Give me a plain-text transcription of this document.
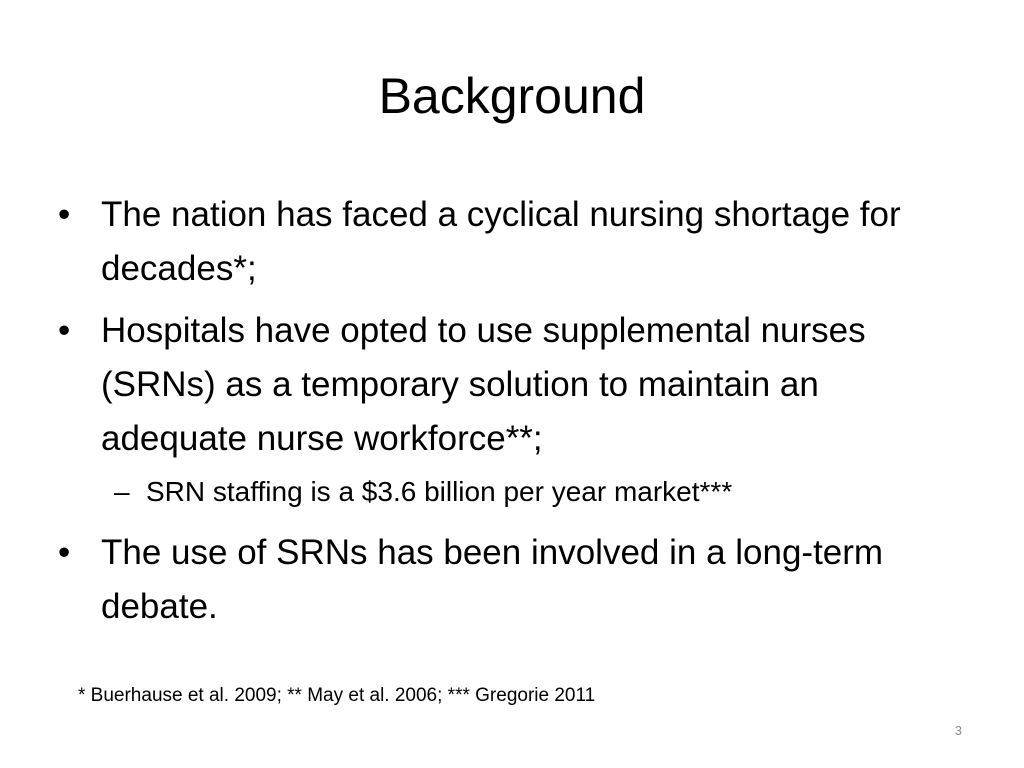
Background
• The nation has faced a cyclical nursing shortage for decades*;
• Hospitals have opted to use supplemental nurses (SRNs) as a temporary solution to maintain an adequate nurse workforce**;
– SRN staffing is a $3.6 billion per year market***
• The use of SRNs has been involved in a long-term debate.
* Buerhause et al. 2009; ** May et al. 2006; *** Gregorie 2011
3
